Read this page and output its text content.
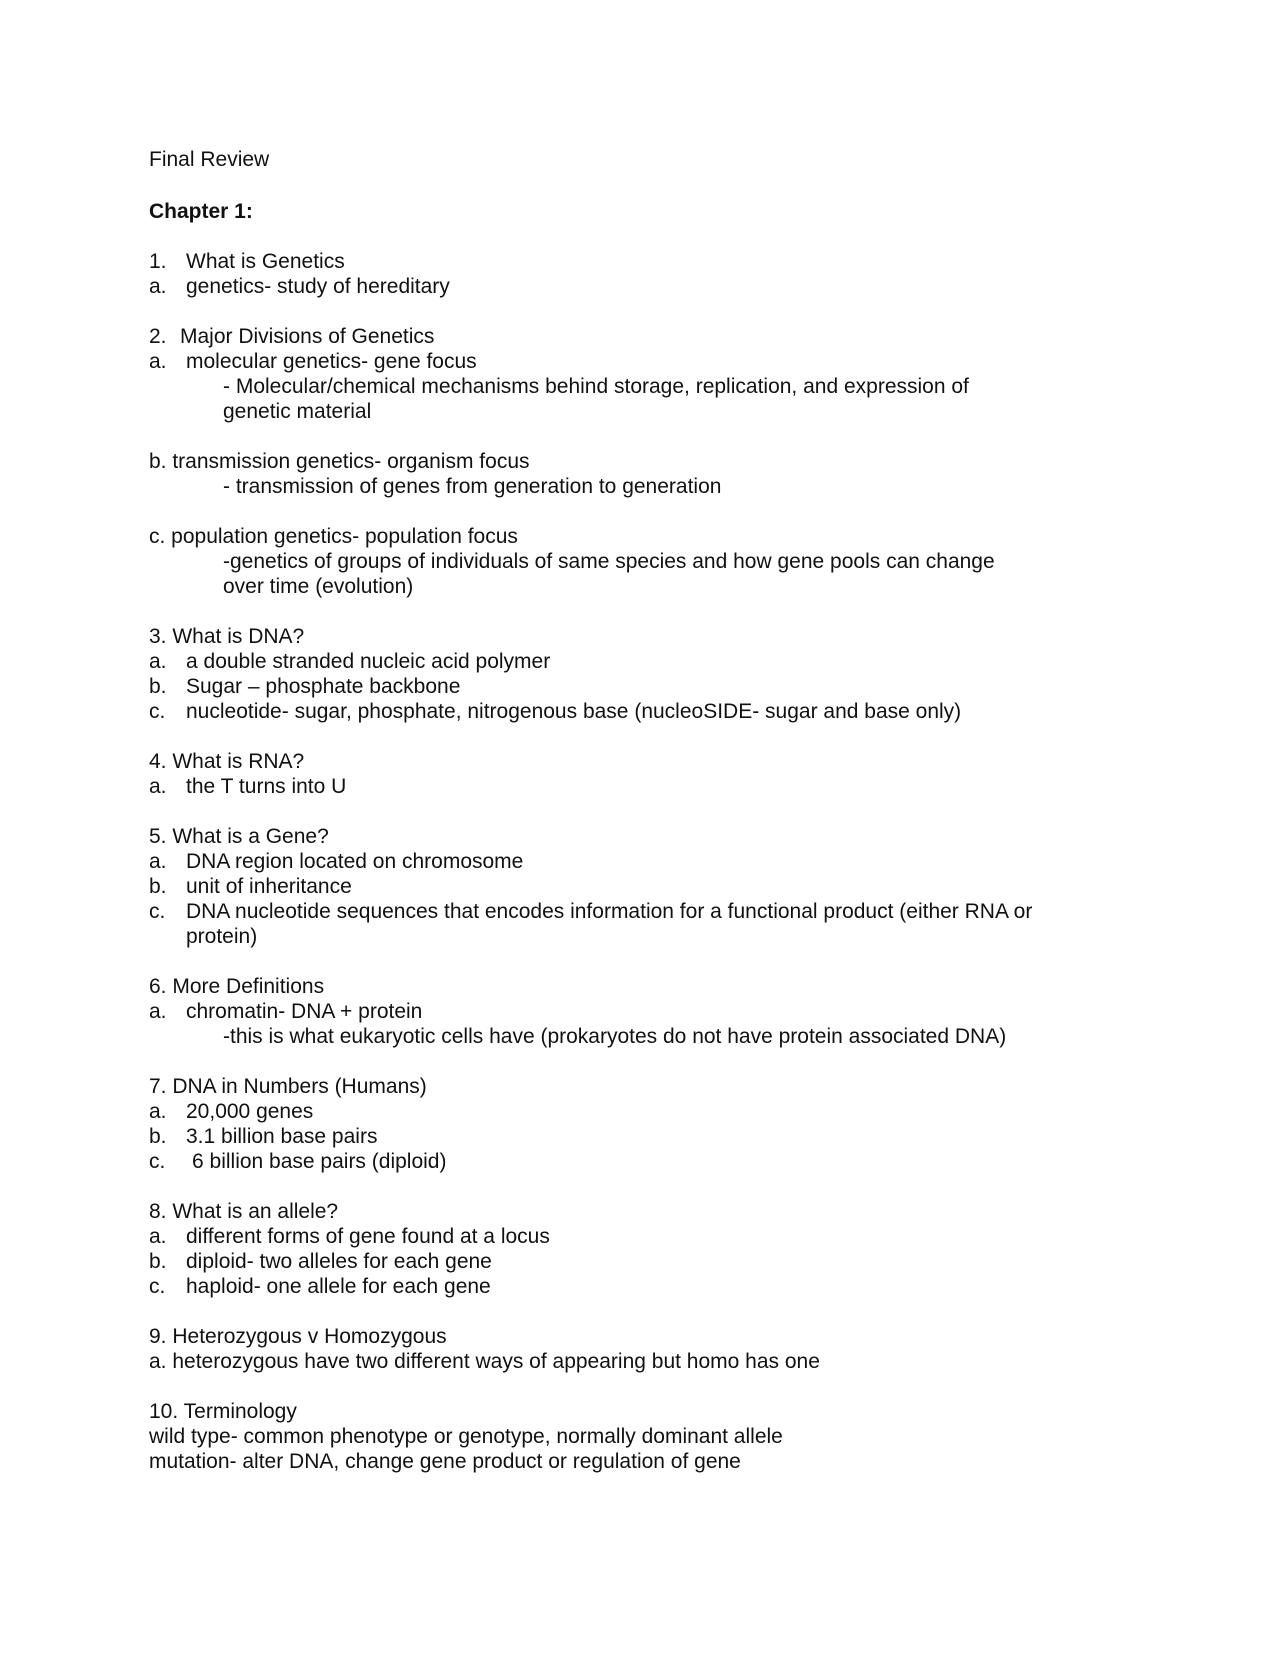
Final Review
Chapter 1:
1. What is Genetics
a. genetics- study of hereditary
2. Major Divisions of Genetics
a. molecular genetics- gene focus
- Molecular/chemical mechanisms behind storage, replication, and expression of
genetic material
b. transmission genetics- organism focus
- transmission of genes from generation to generation
c. population genetics- population focus
-genetics of groups of individuals of same species and how gene pools can change
over time (evolution)
3. What is DNA?
a. a double stranded nucleic acid polymer
b. Sugar – phosphate backbone
c. nucleotide- sugar, phosphate, nitrogenous base (nucleoSIDE- sugar and base only)
4. What is RNA?
a. the T turns into U
5. What is a Gene?
a. DNA region located on chromosome
b. unit of inheritance
c. DNA nucleotide sequences that encodes information for a functional product (either RNA or
protein)
6. More Definitions
a. chromatin- DNA + protein
-this is what eukaryotic cells have (prokaryotes do not have protein associated DNA)
7. DNA in Numbers (Humans)
a. 20,000 genes
b. 3.1 billion base pairs
c. 6 billion base pairs (diploid)
8. What is an allele?
a. different forms of gene found at a locus
b. diploid- two alleles for each gene
c. haploid- one allele for each gene
9. Heterozygous v Homozygous
a. heterozygous have two different ways of appearing but homo has one
10. Terminology
wild type- common phenotype or genotype, normally dominant allele
mutation- alter DNA, change gene product or regulation of gene
